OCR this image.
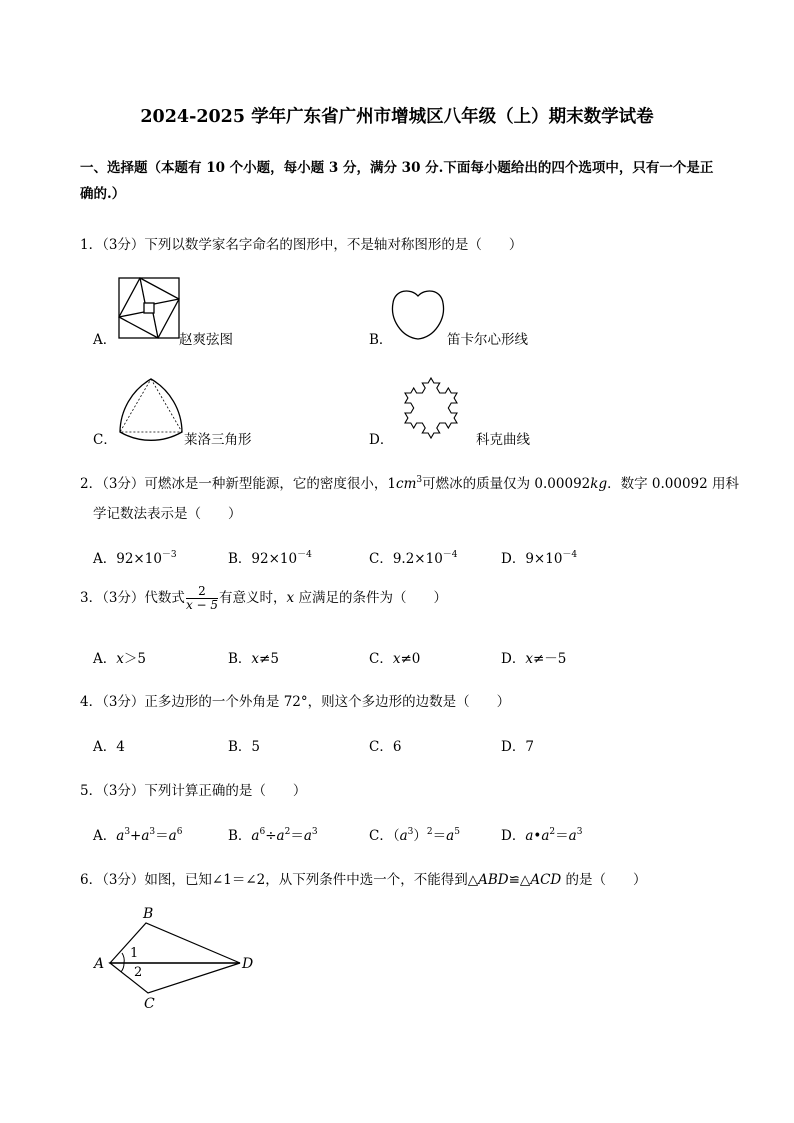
2024-2025 学年广东省广州市增城区八年级（上）期末数学试卷
一、选择题（本题有 10 个小题，每小题 3 分，满分 30 分.下面每小题给出的四个选项中，只有一个是正确的.）
1．（3分）下列以数学家名字命名的图形中，不是轴对称图形的是（　　）
A．	赵爽弦图	B．	笛卡尔心形线
C．	莱洛三角形	D．	科克曲线
2．（3分）可燃冰是一种新型能源，它的密度很小，$1cm^3$可燃冰的质量仅为 0.00092kg．数字 0.00092 用科
学记数法表示是（　　）
A．$92\times 10^{-3}$	B．$92\times 10^{-4}$	C．$9.2\times 10^{-4}$	D．$9\times 10^{-4}$
3．（3分）代数式 $\frac{2}{x - 5}$ 有意义时，x 应满足的条件为（　　）
A．x＞5	B．x≠5	C．x≠0	D．x≠－5
4．（3分）正多边形的一个外角是 72°，则这个多边形的边数是（　　）
A．4	B．5	C．6	D．7
5．（3分）下列计算正确的是（　　）
A．$a^3+a^3=a^6$	B．$a^6\div a^2=a^3$	C．$(a^3)^2=a^5$	D．$a•a^2=a^3$
6．（3分）如图，已知∠1＝∠2，从下列条件中选一个，不能得到△ABD≌△ACD 的是（　　）
B
A	D
C
1
2
